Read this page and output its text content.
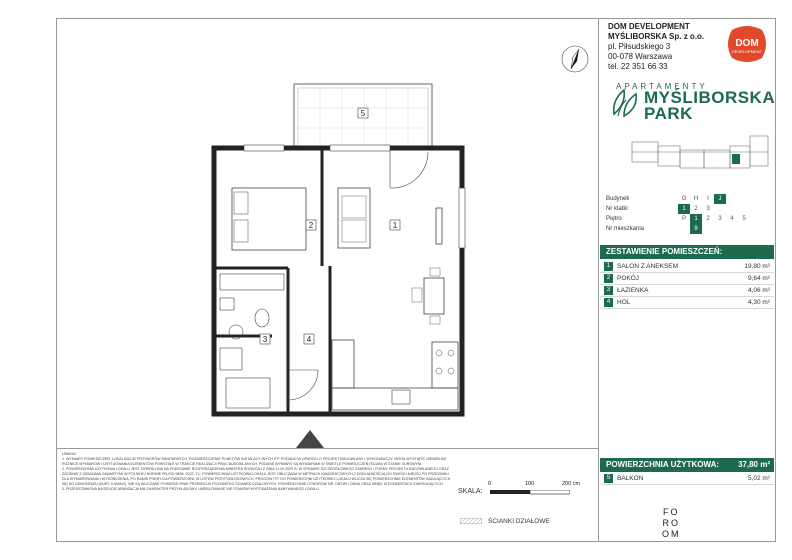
5
2	1
3	4
DOM DEVELOPMENT
MYŚLIBORSKA Sp. z o.o.
pl. Piłsudskiego 3
00-078 Warszawa
tel. 22 351 66 33
DOM
DEVELOPMENT
APARTAMENTY
MYŚLIBORSKA
PARK
Budynek	G	H	I	J		
Nr klatki	1	2	3			
Piętro	P	1	2	3	4	5
Nr mieszkania		9				
ZESTAWIENIE POMIESZCZEŃ:
1	SALON Z ANEKSEM	19,80 m²
2	POKÓJ	9,64 m²
3	ŁAZIENKA	4,06 m²
4	HOL	4,30 m²
POWIERZCHNIA UŻYTKOWA:	37,80 m²
5	BALKON	5,02 m²
UWAGA:
1. WYMIARY POMIESZCZEŃ, LOKALIZACJE PRZYBORÓW SANITARNYCH, ROZMIESZCZENIE PUNKTÓW INSTALACYJNYCH ITP. PODANO W OPARCIU O PROJEKT BUDOWLANY I WYKONAWCZY. MOGĄ WYSTĄPIĆ NIEWIELKIE RÓŻNICE WYMIARÓW I USYTUOWANIA ELEMENTÓW POWSTAŁE W TRAKCIE REALIZACJI PRAC BUDOWLANYCH. PODANE WYMIARY SĄ WYMIARAMI W ŚWIETLE POMIESZCZEŃ (ŚCIAN) W STANIE SUROWYM.
2. POWIERZCHNIA UŻYTKOWA LOKALU JEST OKREŚLONA NA PODSTAWIE ROZPORZĄDZENIA MINISTRA ROZWOJU Z DNIA 11.09.2020 R. W SPRAWIE SZCZEGÓŁOWEGO ZAKRESU I FORMY PROJEKTU BUDOWLANEGO ORAZ ZGODNIE Z ZASADAMI ZAWARTYMI W POLSKIEJ NORMIE PN-ISO 9836: 2022. TJ.: POWIERZCHNIA UŻYTKOWA LOKALU JEST OBLICZANA W METRACH KWADRATOWYCH Z DOKŁADNOŚCIĄ DO DWÓCH MIEJSC PO PRZECINKU DLA WYMIAROWANIA I WYKOŃCZENIA, PO RAMIE POKRYCIA POWIERZCHNI, W LISTEW PRZYPODŁOGOWYCH, PROGÓW ITP. DO POWIERZCHNI UŻYTKOWEJ LOKALU WLICZA SIĘ POWIERZCHNIE ELEMENTÓW NADAJĄCYCH SIĘ DO DEMONTAŻU (KURT, KAMINY), NIE SĄ WLICZANE POWIERZCHNIE PRZEKROJU POZIOMEGO ŚCIANEK DZIAŁOWYCH, POWIERZCHNIE OTWORÓW NR. DRZWI I OKNA ORAZ WNĘK W ELEMENTACH ZAMYKAJĄCYCH.
3. PRZEDSTAWIONA NA RZUCIE ARANŻACJA MA CHARAKTER PRZYKŁADOWY, UMEBLOWANIE NIE STANOWI WYPOSAŻENIA NABYWANEGO LOKALU.	SKALA:
0	100	200 cm
ŚCIANKI DZIAŁOWE
FO
RO
OM
